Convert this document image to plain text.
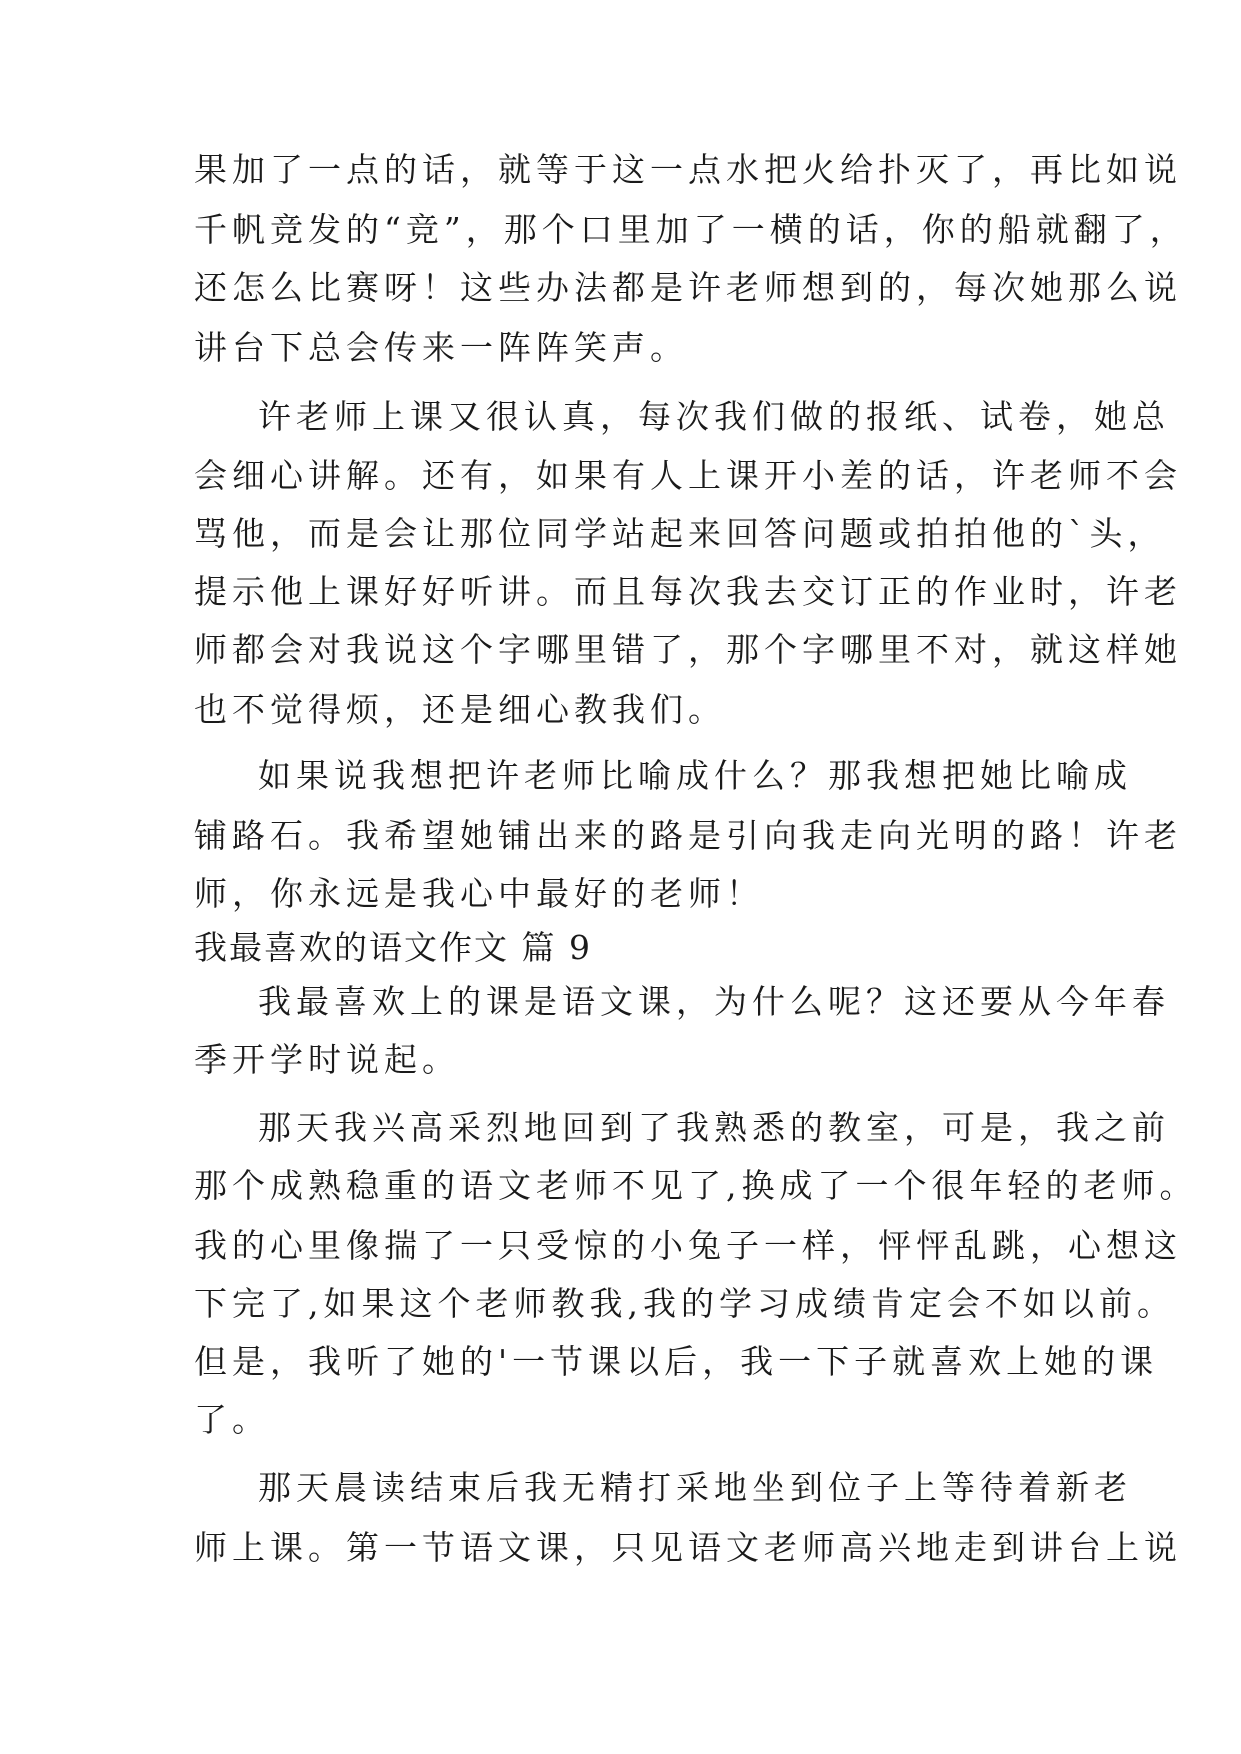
果加了一点的话，就等于这一点水把火给扑灭了，再比如说
千帆竞发的“竞”，那个口里加了一横的话，你的船就翻了，
还怎么比赛呀！这些办法都是许老师想到的，每次她那么说
讲台下总会传来一阵阵笑声。
许老师上课又很认真，每次我们做的报纸、试卷，她总
会细心讲解。还有，如果有人上课开小差的话，许老师不会
骂他，而是会让那位同学站起来回答问题或拍拍他的`头，
提示他上课好好听讲。而且每次我去交订正的作业时，许老
师都会对我说这个字哪里错了，那个字哪里不对，就这样她
也不觉得烦，还是细心教我们。
如果说我想把许老师比喻成什么？那我想把她比喻成
铺路石。我希望她铺出来的路是引向我走向光明的路！许老
师，你永远是我心中最好的老师！
我最喜欢的语文作文 篇 9
我最喜欢上的课是语文课，为什么呢？这还要从今年春
季开学时说起。
那天我兴高采烈地回到了我熟悉的教室，可是，我之前
那个成熟稳重的语文老师不见了,换成了一个很年轻的老师。
我的心里像揣了一只受惊的小兔子一样，怦怦乱跳，心想这
下完了,如果这个老师教我,我的学习成绩肯定会不如以前。
但是，我听了她的'一节课以后，我一下子就喜欢上她的课
了。
那天晨读结束后我无精打采地坐到位子上等待着新老
师上课。第一节语文课，只见语文老师高兴地走到讲台上说
